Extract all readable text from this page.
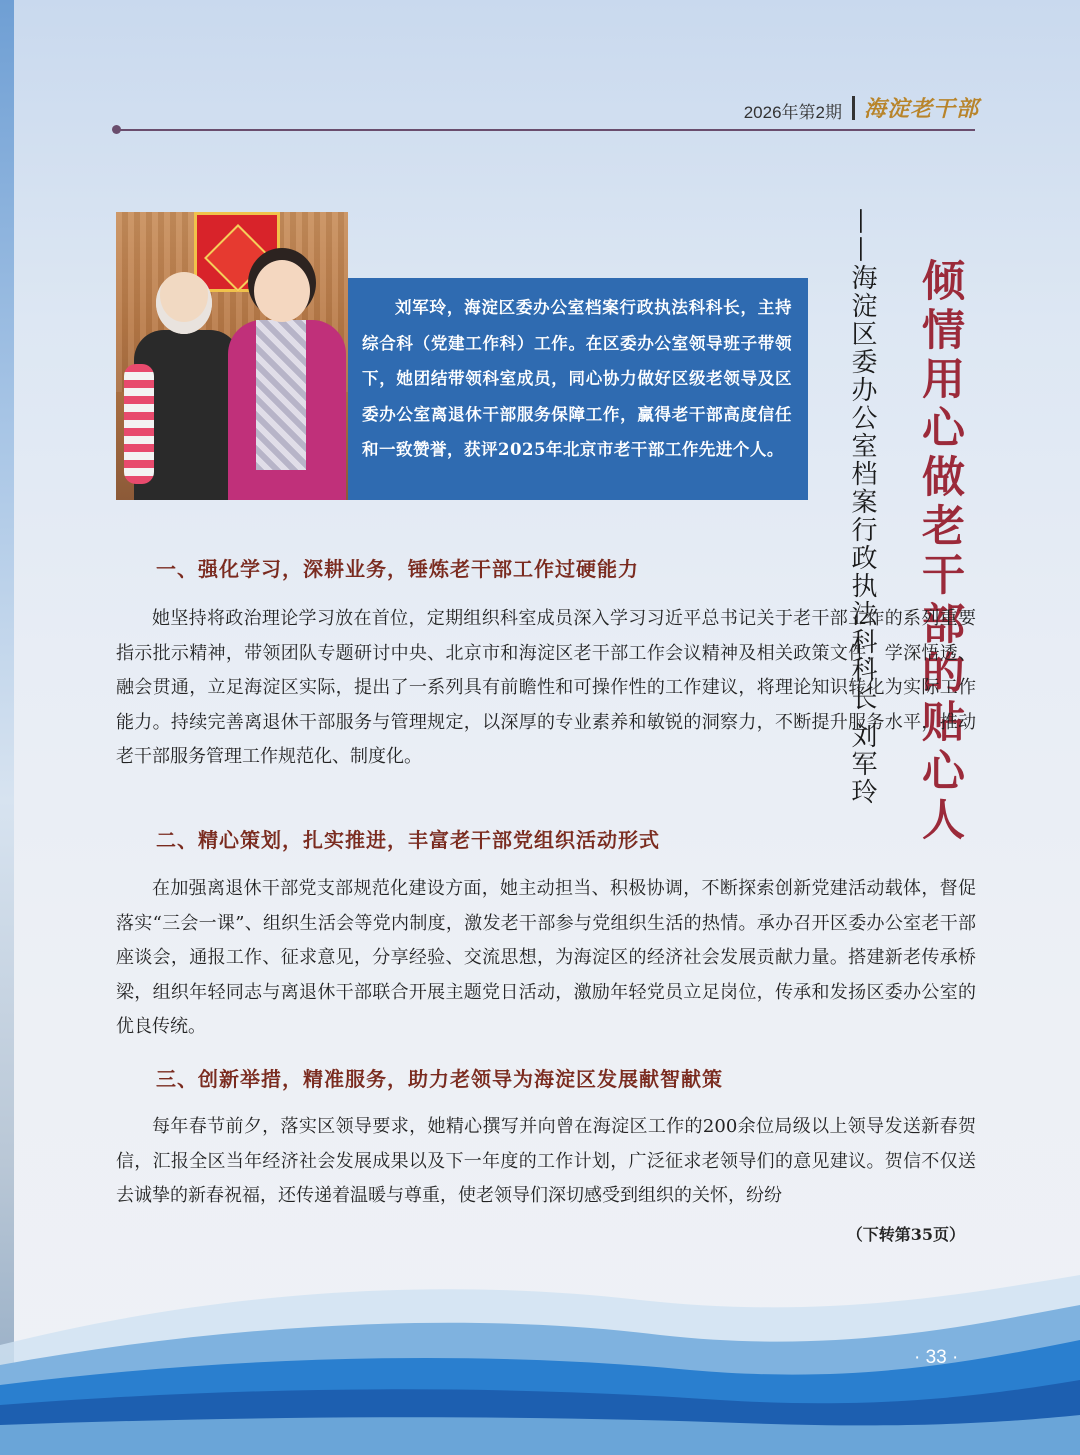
2026年第2期 海淀老干部

刘军玲，海淀区委办公室档案行政执法科科长，主持综合科（党建工作科）工作。在区委办公室领导班子带领下，她团结带领科室成员，同心协力做好区级老领导及区委办公室离退休干部服务保障工作，赢得老干部高度信任和一致赞誉，获评2025年北京市老干部工作先进个人。	倾情用心做老干部的贴心人
——海淀区委办公室档案行政执法科科长 刘军玲
一、强化学习，深耕业务，锤炼老干部工作过硬能力

她坚持将政治理论学习放在首位，定期组织科室成员深入学习习近平总书记关于老干部工作的系列重要指示批示精神，带领团队专题研讨中央、北京市和海淀区老干部工作会议精神及相关政策文件，学深悟透、融会贯通，立足海淀区实际，提出了一系列具有前瞻性和可操作性的工作建议，将理论知识转化为实际工作能力。持续完善离退休干部服务与管理规定，以深厚的专业素养和敏锐的洞察力，不断提升服务水平，推动老干部服务管理工作规范化、制度化。

二、精心策划，扎实推进，丰富老干部党组织活动形式

在加强离退休干部党支部规范化建设方面，她主动担当、积极协调，不断探索创新党建活动载体，督促落实“三会一课”、组织生活会等党内制度，激发老干部参与党组织生活的热情。承办召开区委办公室老干部座谈会，通报工作、征求意见，分享经验、交流思想，为海淀区的经济社会发展贡献力量。搭建新老传承桥梁，组织年轻同志与离退休干部联合开展主题党日活动，激励年轻党员立足岗位，传承和发扬区委办公室的优良传统。

三、创新举措，精准服务，助力老领导为海淀区发展献智献策

每年春节前夕，落实区领导要求，她精心撰写并向曾在海淀区工作的200余位局级以上领导发送新春贺信，汇报全区当年经济社会发展成果以及下一年度的工作计划，广泛征求老领导们的意见建议。贺信不仅送去诚挚的新春祝福，还传递着温暖与尊重，使老领导们深切感受到组织的关怀，纷纷

（下转第35页）
· 33 ·
